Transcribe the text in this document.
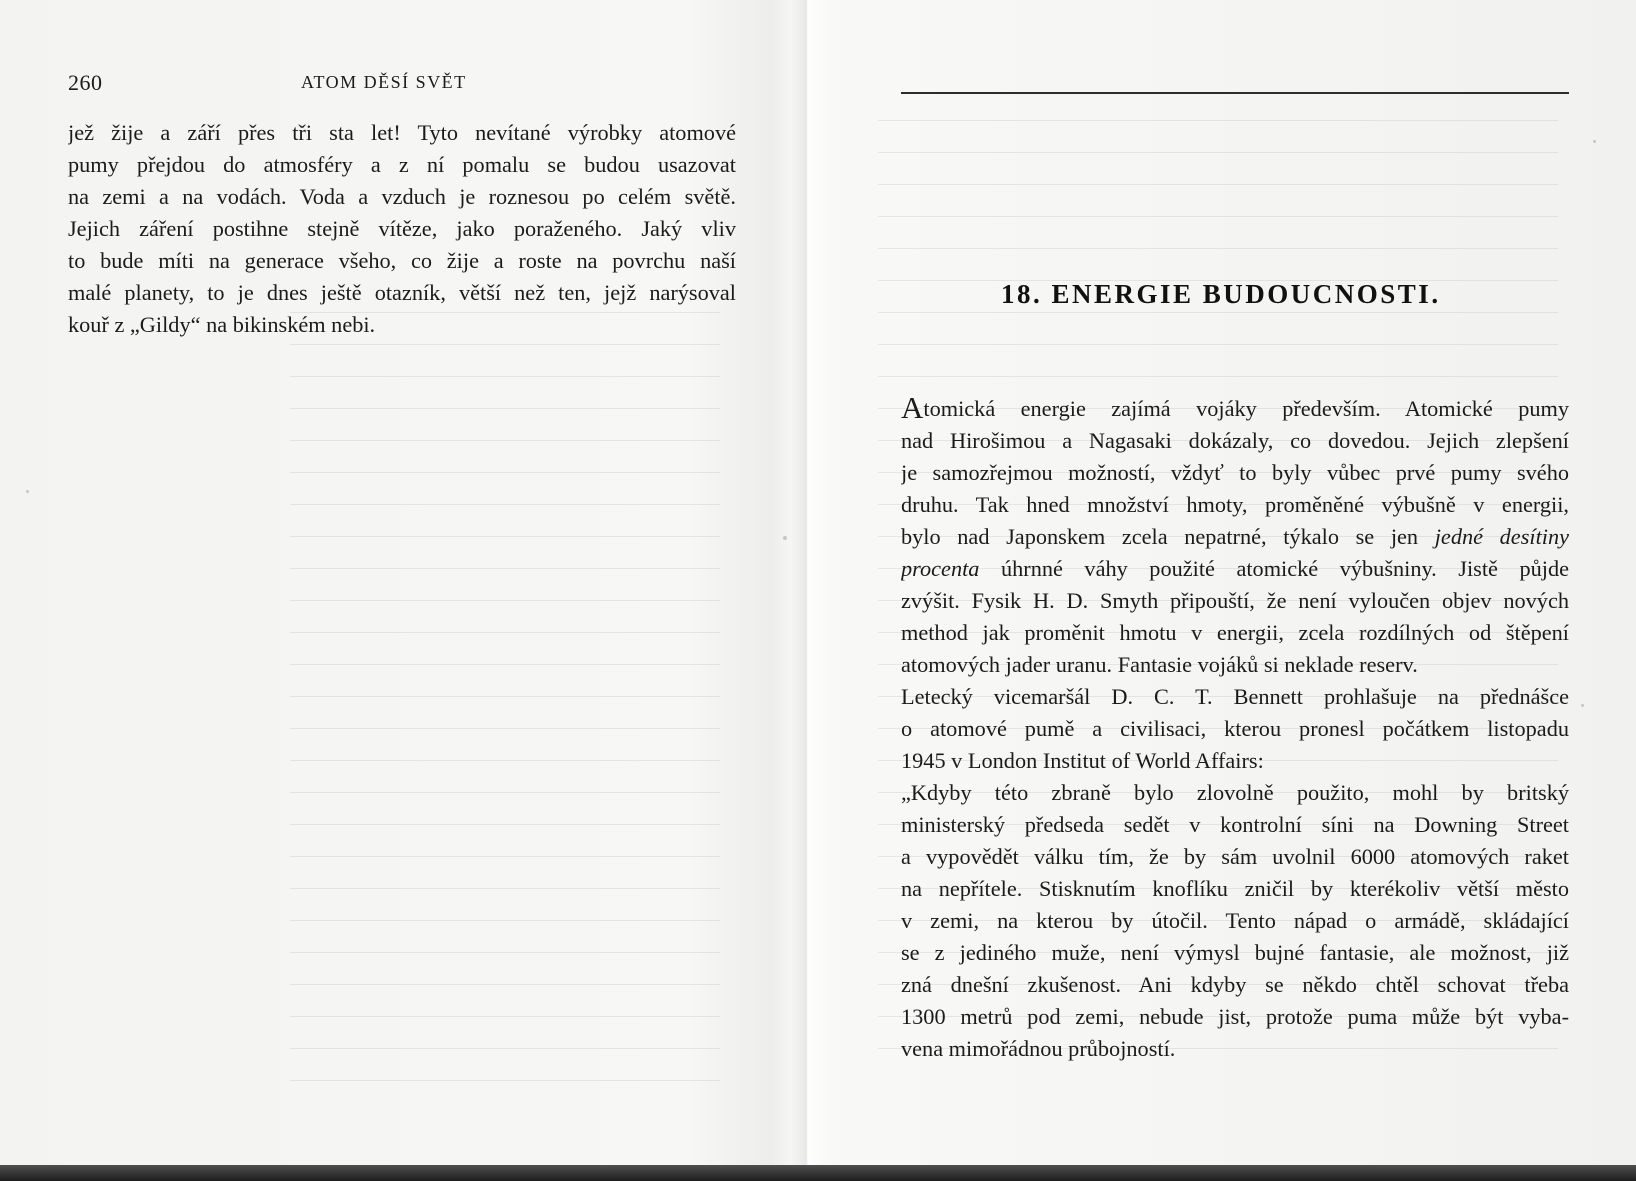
260	ATOM DĚSÍ SVĚT
jež žije a září přes tři sta let! Tyto nevítané výrobky atomové
pumy přejdou do atmosféry a z ní pomalu se budou usazovat
na zemi a na vodách. Voda a vzduch je roznesou po celém světě.
Jejich záření postihne stejně vítěze, jako poraženého. Jaký vliv
to bude míti na generace všeho, co žije a roste na povrchu naší
malé planety, to je dnes ještě otazník, větší než ten, jejž narýsoval
kouř z „Gildy“ na bikinském nebi.
18. ENERGIE BUDOUCNOSTI.
Atomická energie zajímá vojáky především. Atomické pumy
nad Hirošimou a Nagasaki dokázaly, co dovedou. Jejich zlepšení
je samozřejmou možností, vždyť to byly vůbec prvé pumy svého
druhu. Tak hned množství hmoty, proměněné výbušně v energii,
bylo nad Japonskem zcela nepatrné, týkalo se jen jedné desítiny
procenta úhrnné váhy použité atomické výbušniny. Jistě půjde
zvýšit. Fysik H. D. Smyth připouští, že není vyloučen objev nových
method jak proměnit hmotu v energii, zcela rozdílných od štěpení
atomových jader uranu. Fantasie vojáků si neklade reserv.
Letecký vicemaršál D. C. T. Bennett prohlašuje na přednášce
o atomové pumě a civilisaci, kterou pronesl počátkem listopadu
1945 v London Institut of World Affairs:
„Kdyby této zbraně bylo zlovolně použito, mohl by britský
ministerský předseda sedět v kontrolní síni na Downing Street
a vypovědět válku tím, že by sám uvolnil 6000 atomových raket
na nepřítele. Stisknutím knoflíku zničil by kterékoliv větší město
v zemi, na kterou by útočil. Tento nápad o armádě, skládající
se z jediného muže, není výmysl bujné fantasie, ale možnost, již
zná dnešní zkušenost. Ani kdyby se někdo chtěl schovat třeba
1300 metrů pod zemi, nebude jist, protože puma může být vyba-
vena mimořádnou průbojností.
